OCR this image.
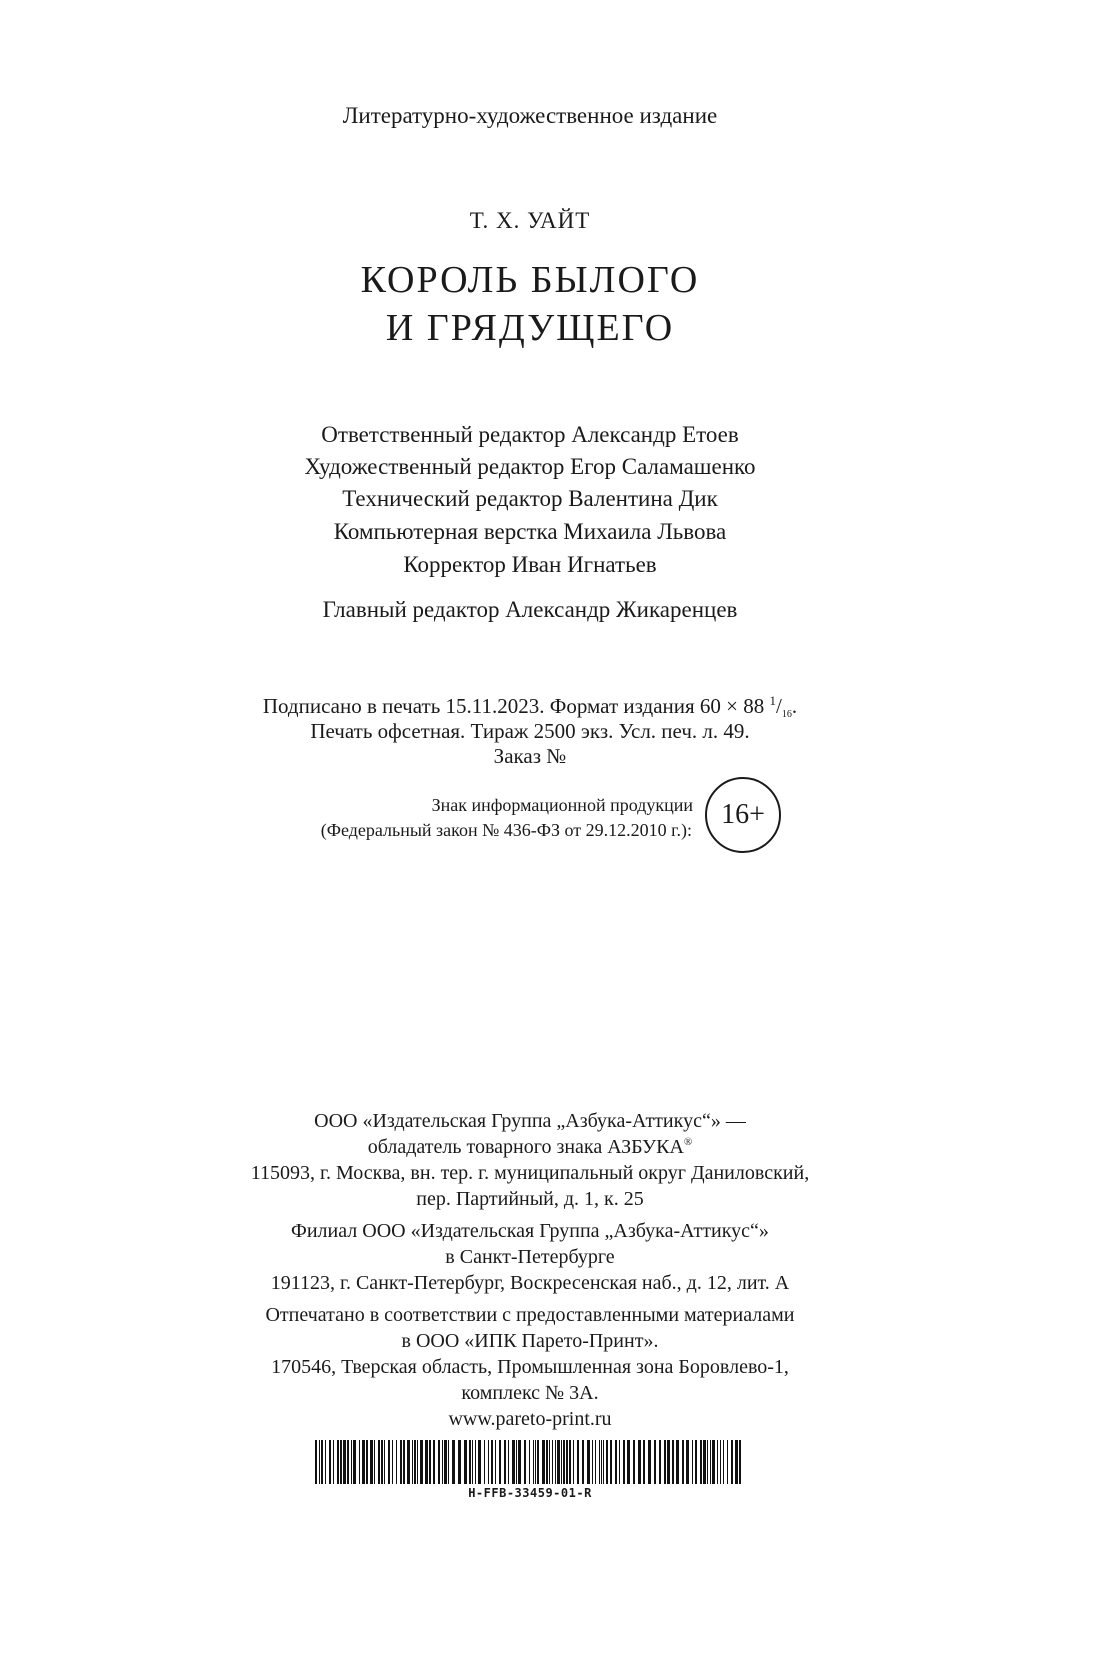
Литературно-художественное издание
Т. Х. УАЙТ
КОРОЛЬ БЫЛОГО
И ГРЯДУЩЕГО
Ответственный редактор Александр Етоев
Художественный редактор Егор Саламашенко
Технический редактор Валентина Дик
Компьютерная верстка Михаила Львова
Корректор Иван Игнатьев
Главный редактор Александр Жикаренцев
Подписано в печать 15.11.2023. Формат издания 60 × 88 $^1/_{16}$.
Печать офсетная. Тираж 2500 экз. Усл. печ. л. 49.
Заказ №
Знак информационной продукции
(Федеральный закон № 436-ФЗ от 29.12.2010 г.):	16+
ООО «Издательская Группа „Азбука-Аттикус“» —
обладатель товарного знака АЗБУКА®
115093, г. Москва, вн. тер. г. муниципальный округ Даниловский,
пер. Партийный, д. 1, к. 25
Филиал ООО «Издательская Группа „Азбука-Аттикус“»
в Санкт-Петербурге
191123, г. Санкт-Петербург, Воскресенская наб., д. 12, лит. А
Отпечатано в соответствии с предоставленными материалами
в ООО «ИПК Парето-Принт».
170546, Тверская область, Промышленная зона Боровлево-1,
комплекс № 3А.
www.pareto-print.ru
H-FFB-33459-01-R
